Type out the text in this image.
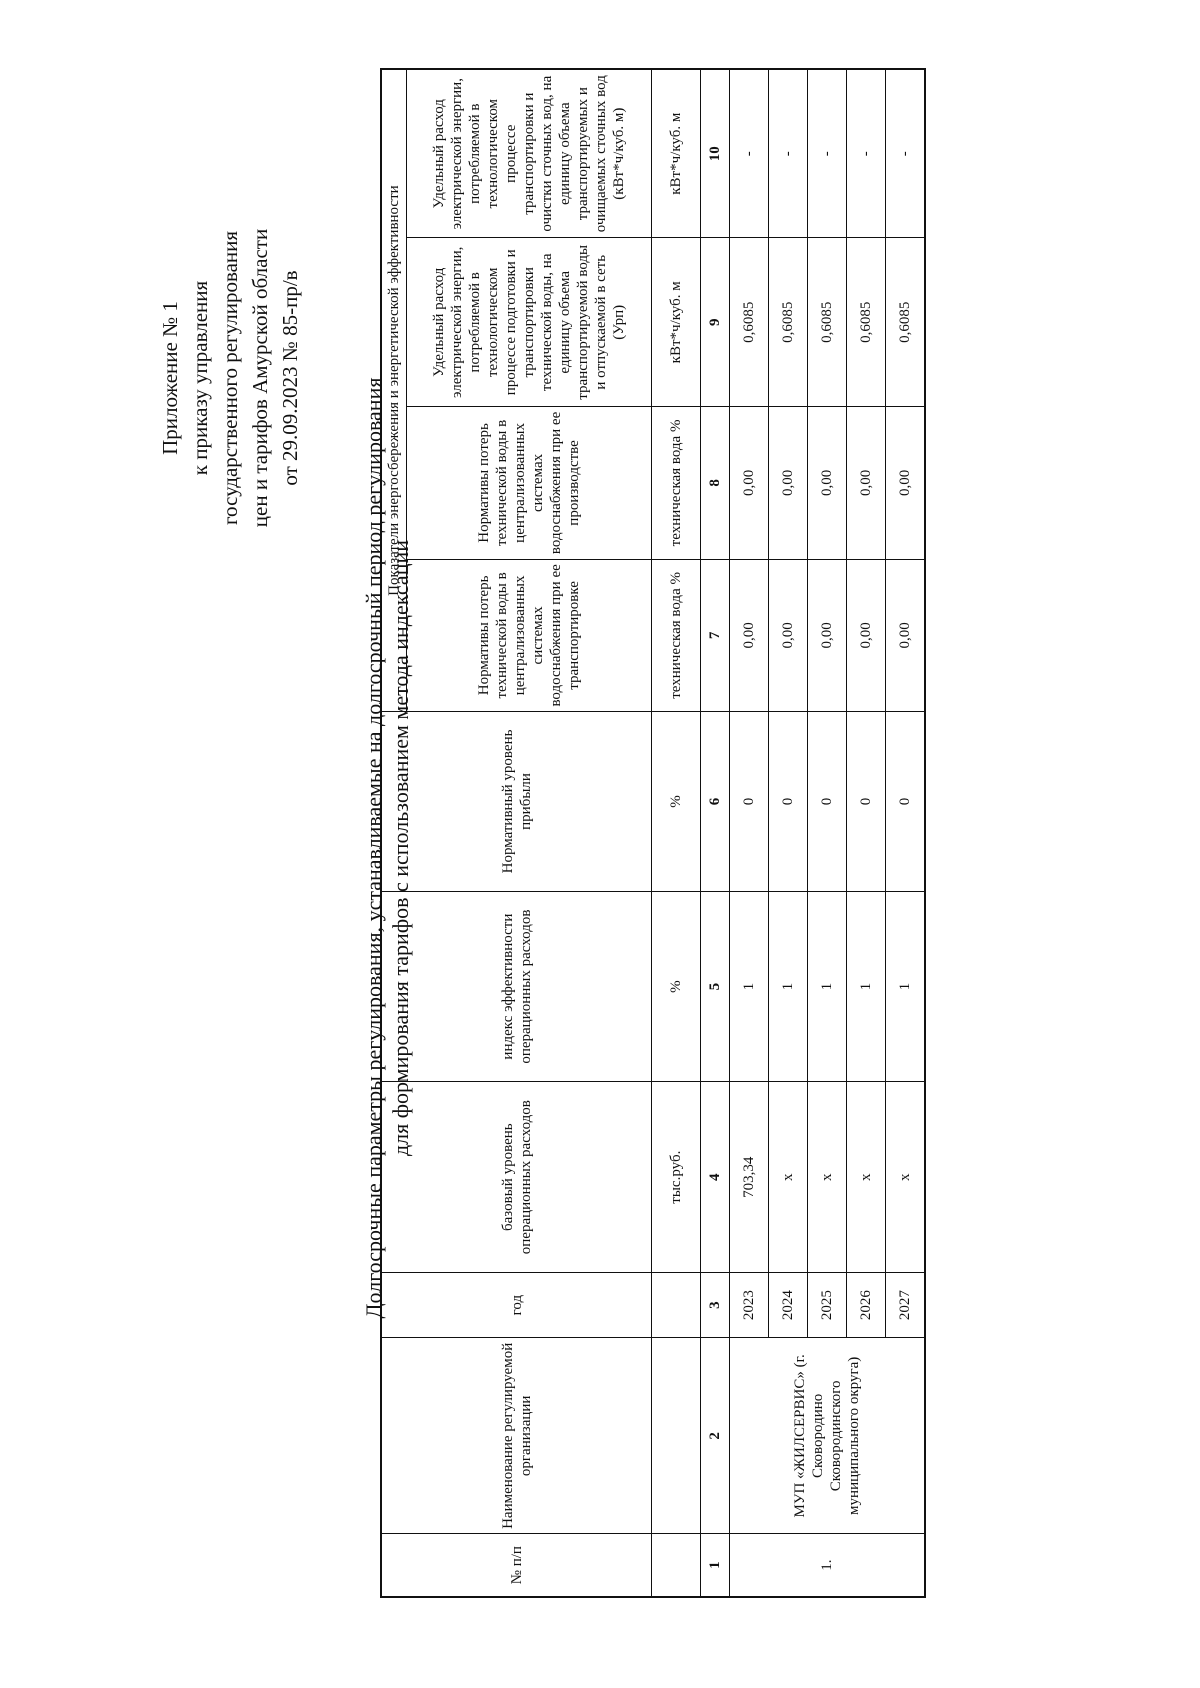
Приложение № 1 к приказу управления государственного регулирования цен и тарифов Амурской области от 29.09.2023 № 85-пр/в	Долгосрочные параметры регулирования, устанавливаемые на долгосрочный период регулирования для формирования тарифов с использованием метода индексации
№ п/п	Наименование регулируемой организации	год	базовый уровень операционных расходов	индекс эффективности операционных расходов	Нормативный уровень прибыли	Показатели энергосбережения и энергетической эффективности			
						Нормативы потерь технической воды в централизованных системах водоснабжения при ее транспортировке	Нормативы потерь технической воды в централизованных системах водоснабжения при ее производстве	Удельный расход электрической энергии, потребляемой в технологическом процессе подготовки и транспортировки технической воды, на единицу объема транспортируемой воды и отпускаемой в сеть (Урп)	Удельный расход электрической энергии, потребляемой в технологическом процессе транспортировки и очистки сточных вод, на единицу объема транспортируемых и очищаемых сточных вод (кВт*ч/куб. м)
			тыс.руб.	%	%	техническая вода %	техническая вода %	кВт*ч/куб. м	кВт*ч/куб. м
1	2	3	4	5	6	7	8	9	10
1.	МУП «ЖИЛСЕРВИС» (г. Сковородино Сковородинского муниципального округа)	2023	703,34	1	0	0,00	0,00	0,6085	-
		2024	х	1	0	0,00	0,00	0,6085	-
		2025	х	1	0	0,00	0,00	0,6085	-
		2026	х	1	0	0,00	0,00	0,6085	-
		2027	х	1	0	0,00	0,00	0,6085	-
